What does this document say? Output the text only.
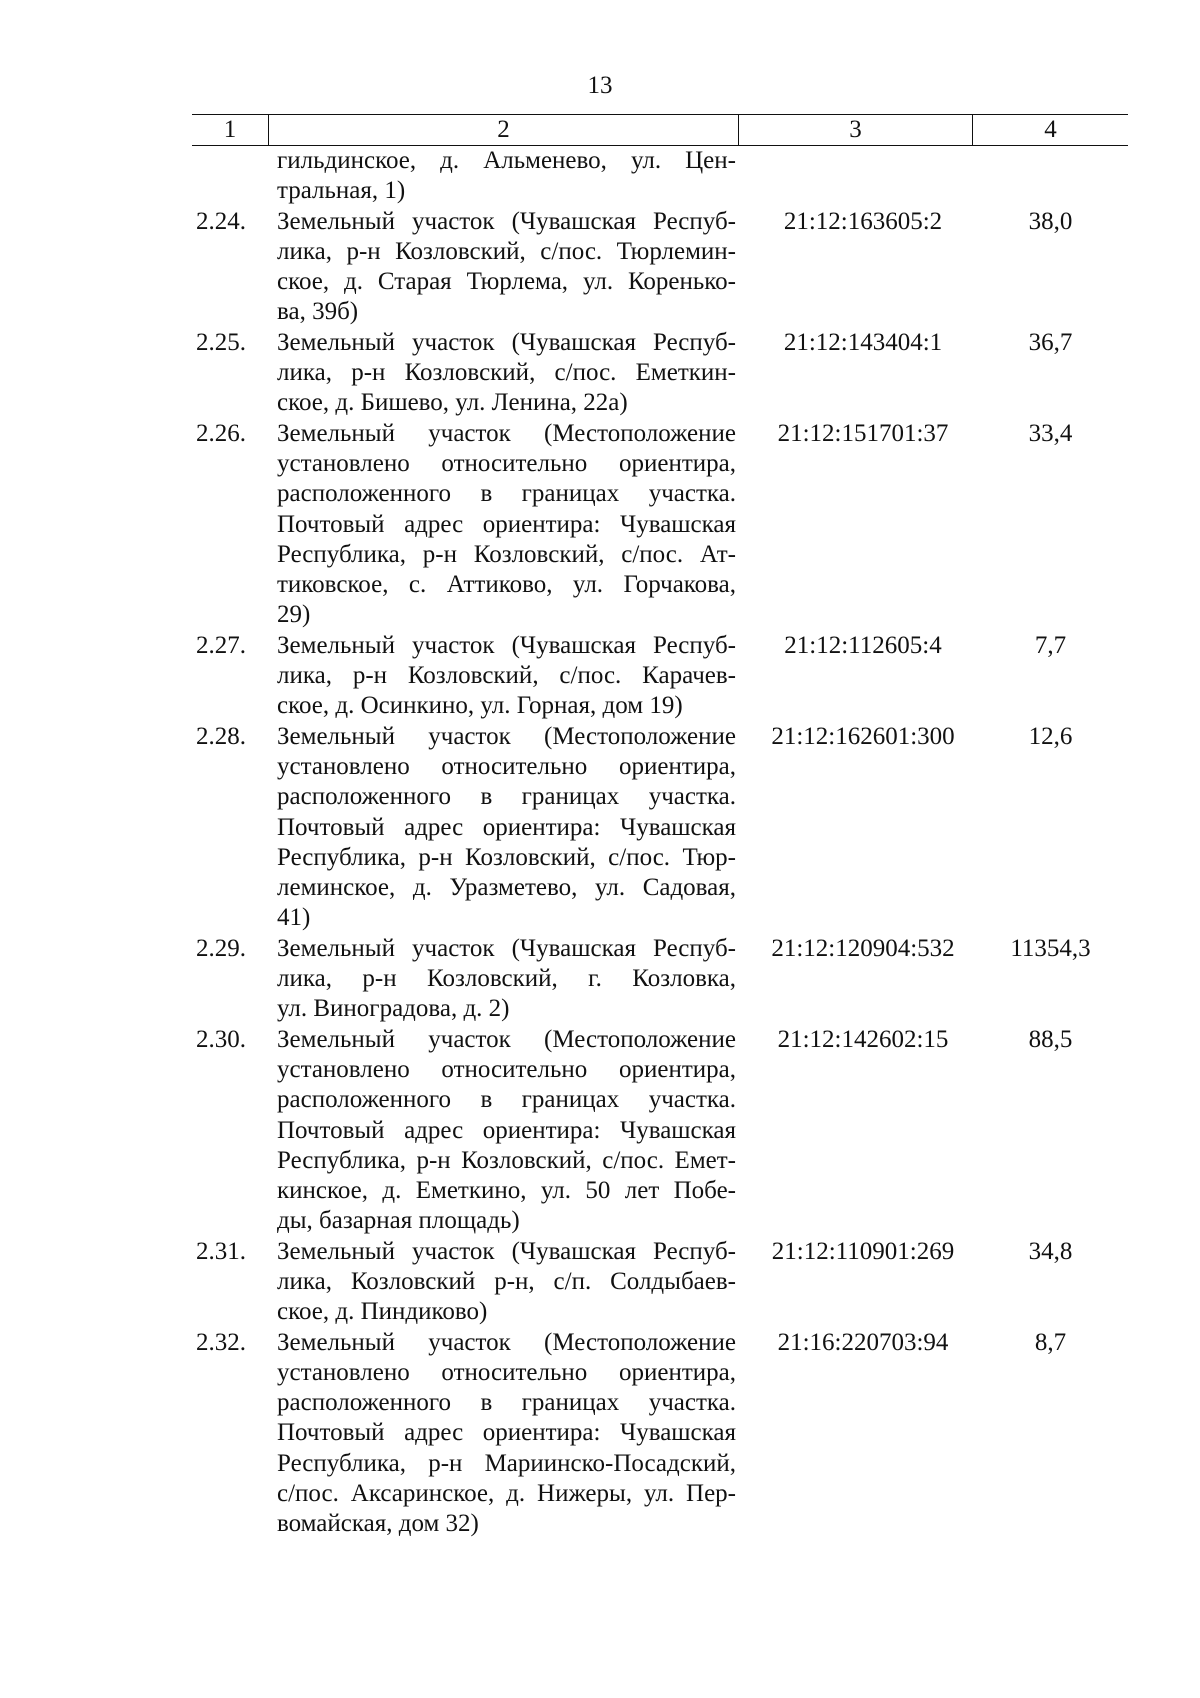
13
1	2	3	4
гильдинское, д. Альменево, ул. Цен-
тральная, 1)
2.24.	Земельный участок (Чувашская Респуб-
лика, р-н Козловский, с/пос. Тюрлемин-
ское, д. Старая Тюрлема, ул. Коренько-
ва, 39б)
21:12:163605:2	38,0
2.25.	Земельный участок (Чувашская Респуб-
лика, р-н Козловский, с/пос. Еметкин-
ское, д. Бишево, ул. Ленина, 22а)
21:12:143404:1	36,7
2.26.	Земельный участок (Местоположение
установлено относительно ориентира,
расположенного в границах участка.
Почтовый адрес ориентира: Чувашская
Республика, р-н Козловский, с/пос. Ат-
тиковское, с. Аттиково, ул. Горчакова,
29)
21:12:151701:37	33,4
2.27.	Земельный участок (Чувашская Респуб-
лика, р-н Козловский, с/пос. Карачев-
ское, д. Осинкино, ул. Горная, дом 19)
21:12:112605:4	7,7
2.28.	Земельный участок (Местоположение
установлено относительно ориентира,
расположенного в границах участка.
Почтовый адрес ориентира: Чувашская
Республика, р-н Козловский, с/пос. Тюр-
леминское, д. Уразметево, ул. Садовая,
41)
21:12:162601:300	12,6
2.29.	Земельный участок (Чувашская Респуб-
лика, р-н Козловский, г. Козловка,
ул. Виноградова, д. 2)
21:12:120904:532	11354,3
2.30.	Земельный участок (Местоположение
установлено относительно ориентира,
расположенного в границах участка.
Почтовый адрес ориентира: Чувашская
Республика, р-н Козловский, с/пос. Емет-
кинское, д. Еметкино, ул. 50 лет Побе-
ды, базарная площадь)
21:12:142602:15	88,5
2.31.	Земельный участок (Чувашская Респуб-
лика, Козловский р-н, с/п. Солдыбаев-
ское, д. Пиндиково)
21:12:110901:269	34,8
2.32.	Земельный участок (Местоположение
установлено относительно ориентира,
расположенного в границах участка.
Почтовый адрес ориентира: Чувашская
Республика, р-н Мариинско-Посадский,
с/пос. Аксаринское, д. Нижеры, ул. Пер-
вомайская, дом 32)
21:16:220703:94	8,7
